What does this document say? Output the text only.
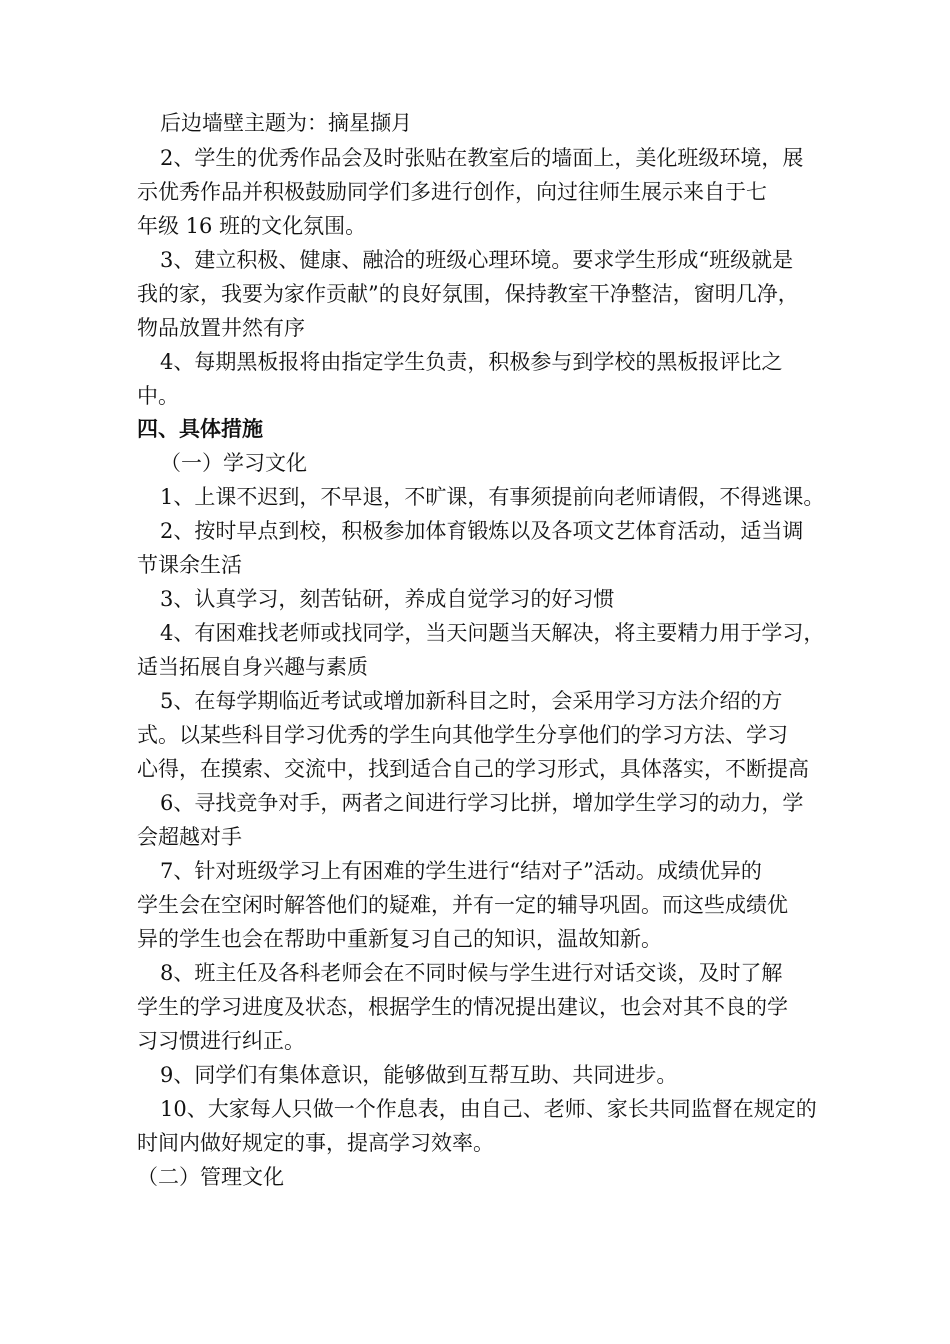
后边墙壁主题为：摘星撷月
2、学生的优秀作品会及时张贴在教室后的墙面上，美化班级环境，展
示优秀作品并积极鼓励同学们多进行创作，向过往师生展示来自于七
年级 16 班的文化氛围。
3、建立积极、健康、融洽的班级心理环境。要求学生形成“班级就是
我的家，我要为家作贡献”的良好氛围，保持教室干净整洁，窗明几净，
物品放置井然有序
4、每期黑板报将由指定学生负责，积极参与到学校的黑板报评比之
中。
四、具体措施
（一）学习文化
1、上课不迟到，不早退，不旷课，有事须提前向老师请假，不得逃课。
2、按时早点到校，积极参加体育锻炼以及各项文艺体育活动，适当调
节课余生活
3、认真学习，刻苦钻研，养成自觉学习的好习惯
4、有困难找老师或找同学，当天问题当天解决，将主要精力用于学习，
适当拓展自身兴趣与素质
5、在每学期临近考试或增加新科目之时，会采用学习方法介绍的方
式。以某些科目学习优秀的学生向其他学生分享他们的学习方法、学习
心得，在摸索、交流中，找到适合自己的学习形式，具体落实，不断提高
6、寻找竞争对手，两者之间进行学习比拼，增加学生学习的动力，学
会超越对手
7、针对班级学习上有困难的学生进行“结对子”活动。成绩优异的
学生会在空闲时解答他们的疑难，并有一定的辅导巩固。而这些成绩优
异的学生也会在帮助中重新复习自己的知识，温故知新。
8、班主任及各科老师会在不同时候与学生进行对话交谈，及时了解
学生的学习进度及状态，根据学生的情况提出建议，也会对其不良的学
习习惯进行纠正。
9、同学们有集体意识，能够做到互帮互助、共同进步。
10、大家每人只做一个作息表，由自己、老师、家长共同监督在规定的
时间内做好规定的事，提高学习效率。
（二）管理文化
